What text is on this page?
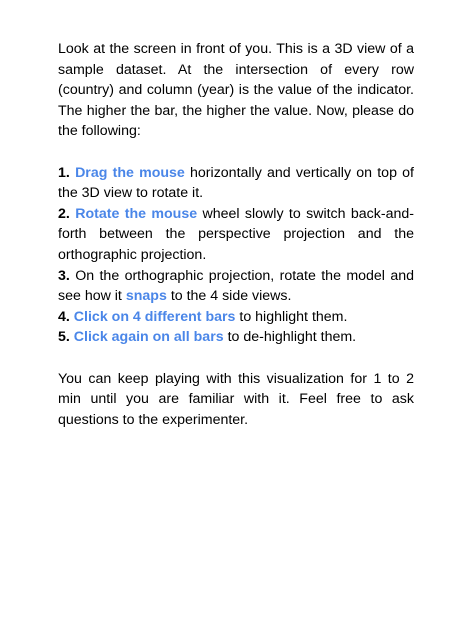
Look at the screen in front of you. This is a 3D view of a sample dataset. At the intersection of every row (country) and column (year) is the value of the indicator. The higher the bar, the higher the value. Now, please do the following:

1. Drag the mouse horizontally and vertically on top of the 3D view to rotate it.

2. Rotate the mouse wheel slowly to switch back-and-forth between the perspective projection and the orthographic projection.

3. On the orthographic projection, rotate the model and see how it snaps to the 4 side views.

4. Click on 4 different bars to highlight them.

5. Click again on all bars to de-highlight them.

You can keep playing with this visualization for 1 to 2 min until you are familiar with it. Feel free to ask questions to the experimenter.
